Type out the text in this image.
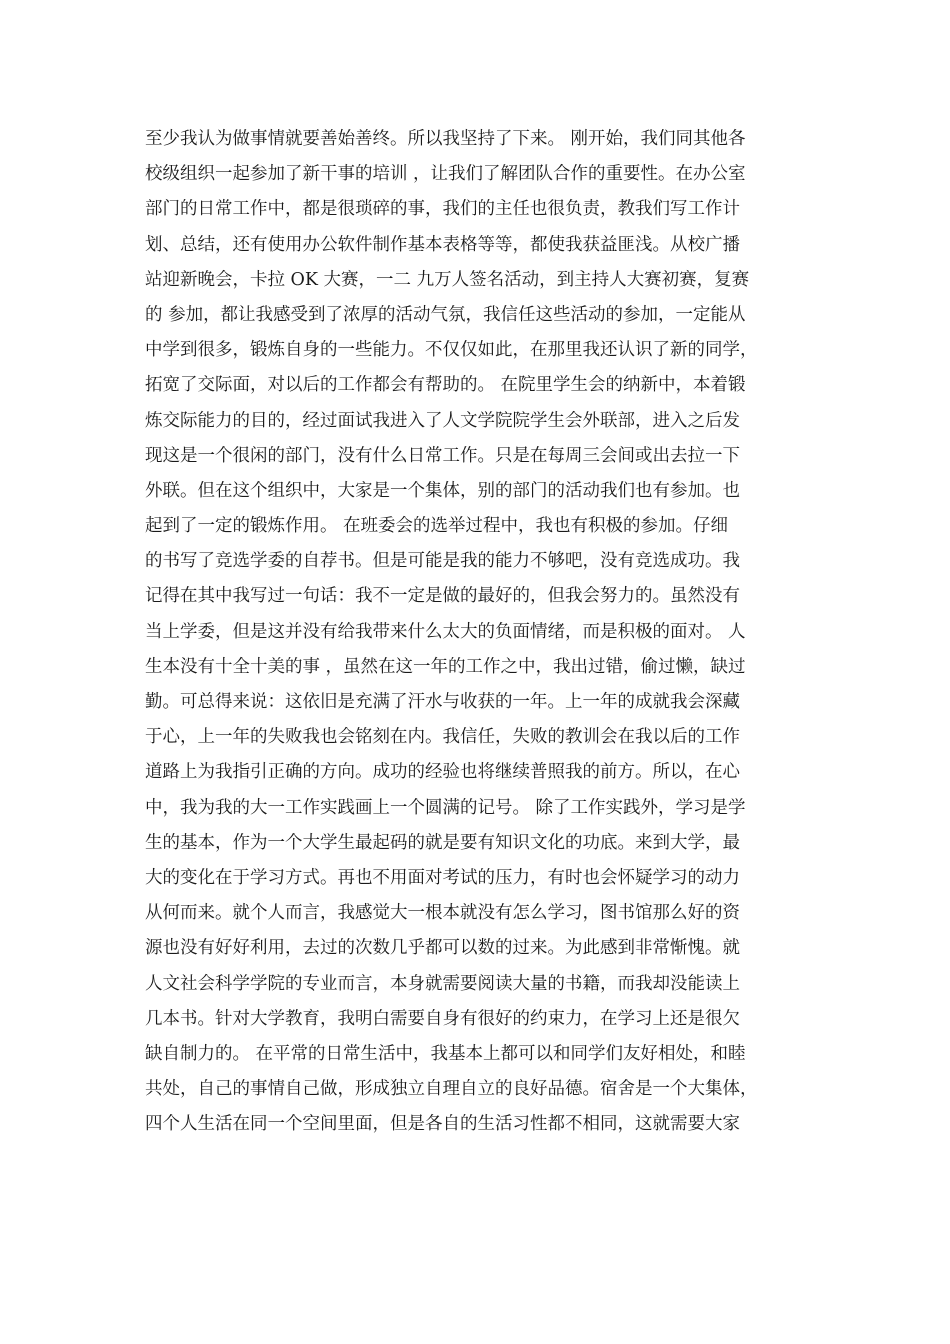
至少我认为做事情就要善始善终。所以我坚持了下来。 刚开始，我们同其他各
校级组织一起参加了新干事的培训 ，让我们了解团队合作的重要性。在办公室
部门的日常工作中，都是很琐碎的事，我们的主任也很负责，教我们写工作计
划、总结，还有使用办公软件制作基本表格等等，都使我获益匪浅。从校广播
站迎新晚会，卡拉 OK 大赛，一二 九万人签名活动，到主持人大赛初赛，复赛
的 参加，都让我感受到了浓厚的活动气氛，我信任这些活动的参加，一定能从
中学到很多，锻炼自身的一些能力。不仅仅如此，在那里我还认识了新的同学，
拓宽了交际面，对以后的工作都会有帮助的。 在院里学生会的纳新中，本着锻
炼交际能力的目的，经过面试我进入了人文学院院学生会外联部，进入之后发
现这是一个很闲的部门，没有什么日常工作。只是在每周三会间或出去拉一下
外联。但在这个组织中，大家是一个集体，别的部门的活动我们也有参加。也
起到了一定的锻炼作用。 在班委会的选举过程中，我也有积极的参加。仔细
的书写了竞选学委的自荐书。但是可能是我的能力不够吧，没有竞选成功。我
记得在其中我写过一句话：我不一定是做的最好的，但我会努力的。虽然没有
当上学委，但是这并没有给我带来什么太大的负面情绪，而是积极的面对。 人
生本没有十全十美的事 ，虽然在这一年的工作之中，我出过错，偷过懒，缺过
勤。可总得来说：这依旧是充满了汗水与收获的一年。上一年的成就我会深藏
于心，上一年的失败我也会铭刻在内。我信任，失败的教训会在我以后的工作
道路上为我指引正确的方向。成功的经验也将继续普照我的前方。所以，在心
中，我为我的大一工作实践画上一个圆满的记号。 除了工作实践外，学习是学
生的基本，作为一个大学生最起码的就是要有知识文化的功底。来到大学，最
大的变化在于学习方式。再也不用面对考试的压力，有时也会怀疑学习的动力
从何而来。就个人而言，我感觉大一根本就没有怎么学习，图书馆那么好的资
源也没有好好利用，去过的次数几乎都可以数的过来。为此感到非常惭愧。就
人文社会科学学院的专业而言，本身就需要阅读大量的书籍，而我却没能读上
几本书。针对大学教育，我明白需要自身有很好的约束力，在学习上还是很欠
缺自制力的。 在平常的日常生活中，我基本上都可以和同学们友好相处，和睦
共处，自己的事情自己做，形成独立自理自立的良好品德。宿舍是一个大集体，
四个人生活在同一个空间里面，但是各自的生活习性都不相同，这就需要大家
